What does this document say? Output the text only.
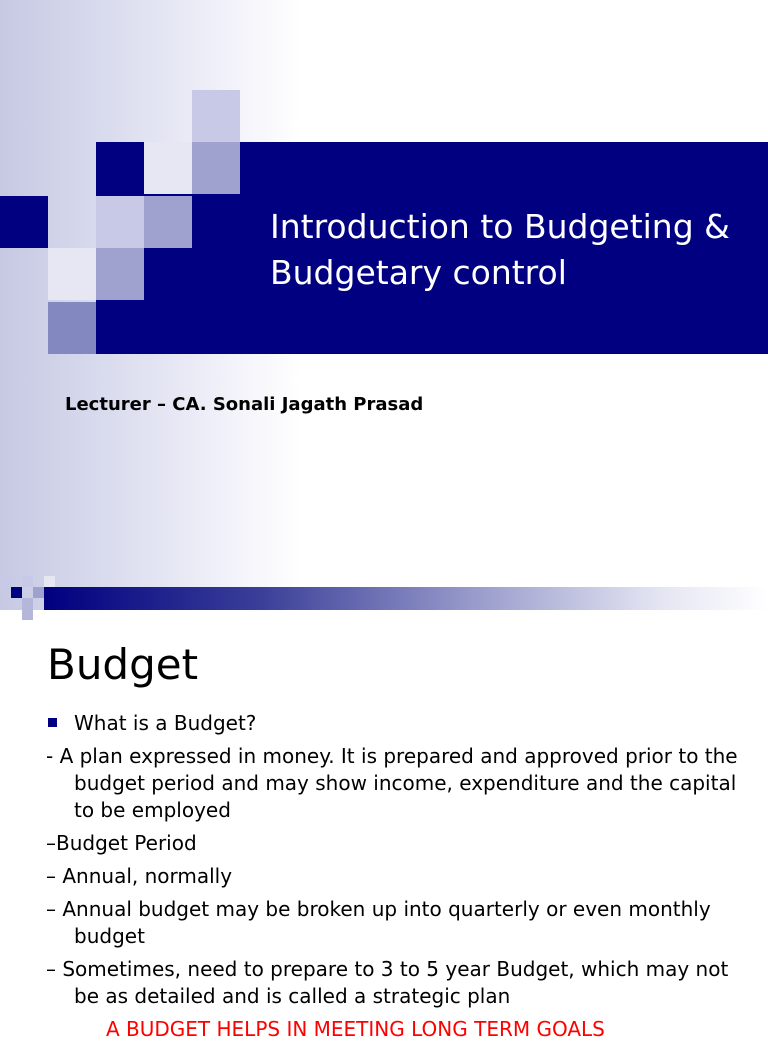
Introduction to Budgeting &
Budgetary control
Lecturer – CA. Sonali Jagath Prasad
Budget
What is a Budget?
- A plan expressed in money. It is prepared and approved prior to the budget period and may show income, expenditure and the capital to be employed
–Budget Period
– Annual, normally
– Annual budget may be broken up into quarterly or even monthly budget
– Sometimes, need to prepare to 3 to 5 year Budget, which may not be as detailed and is called a strategic plan
A BUDGET HELPS IN MEETING LONG TERM GOALS
